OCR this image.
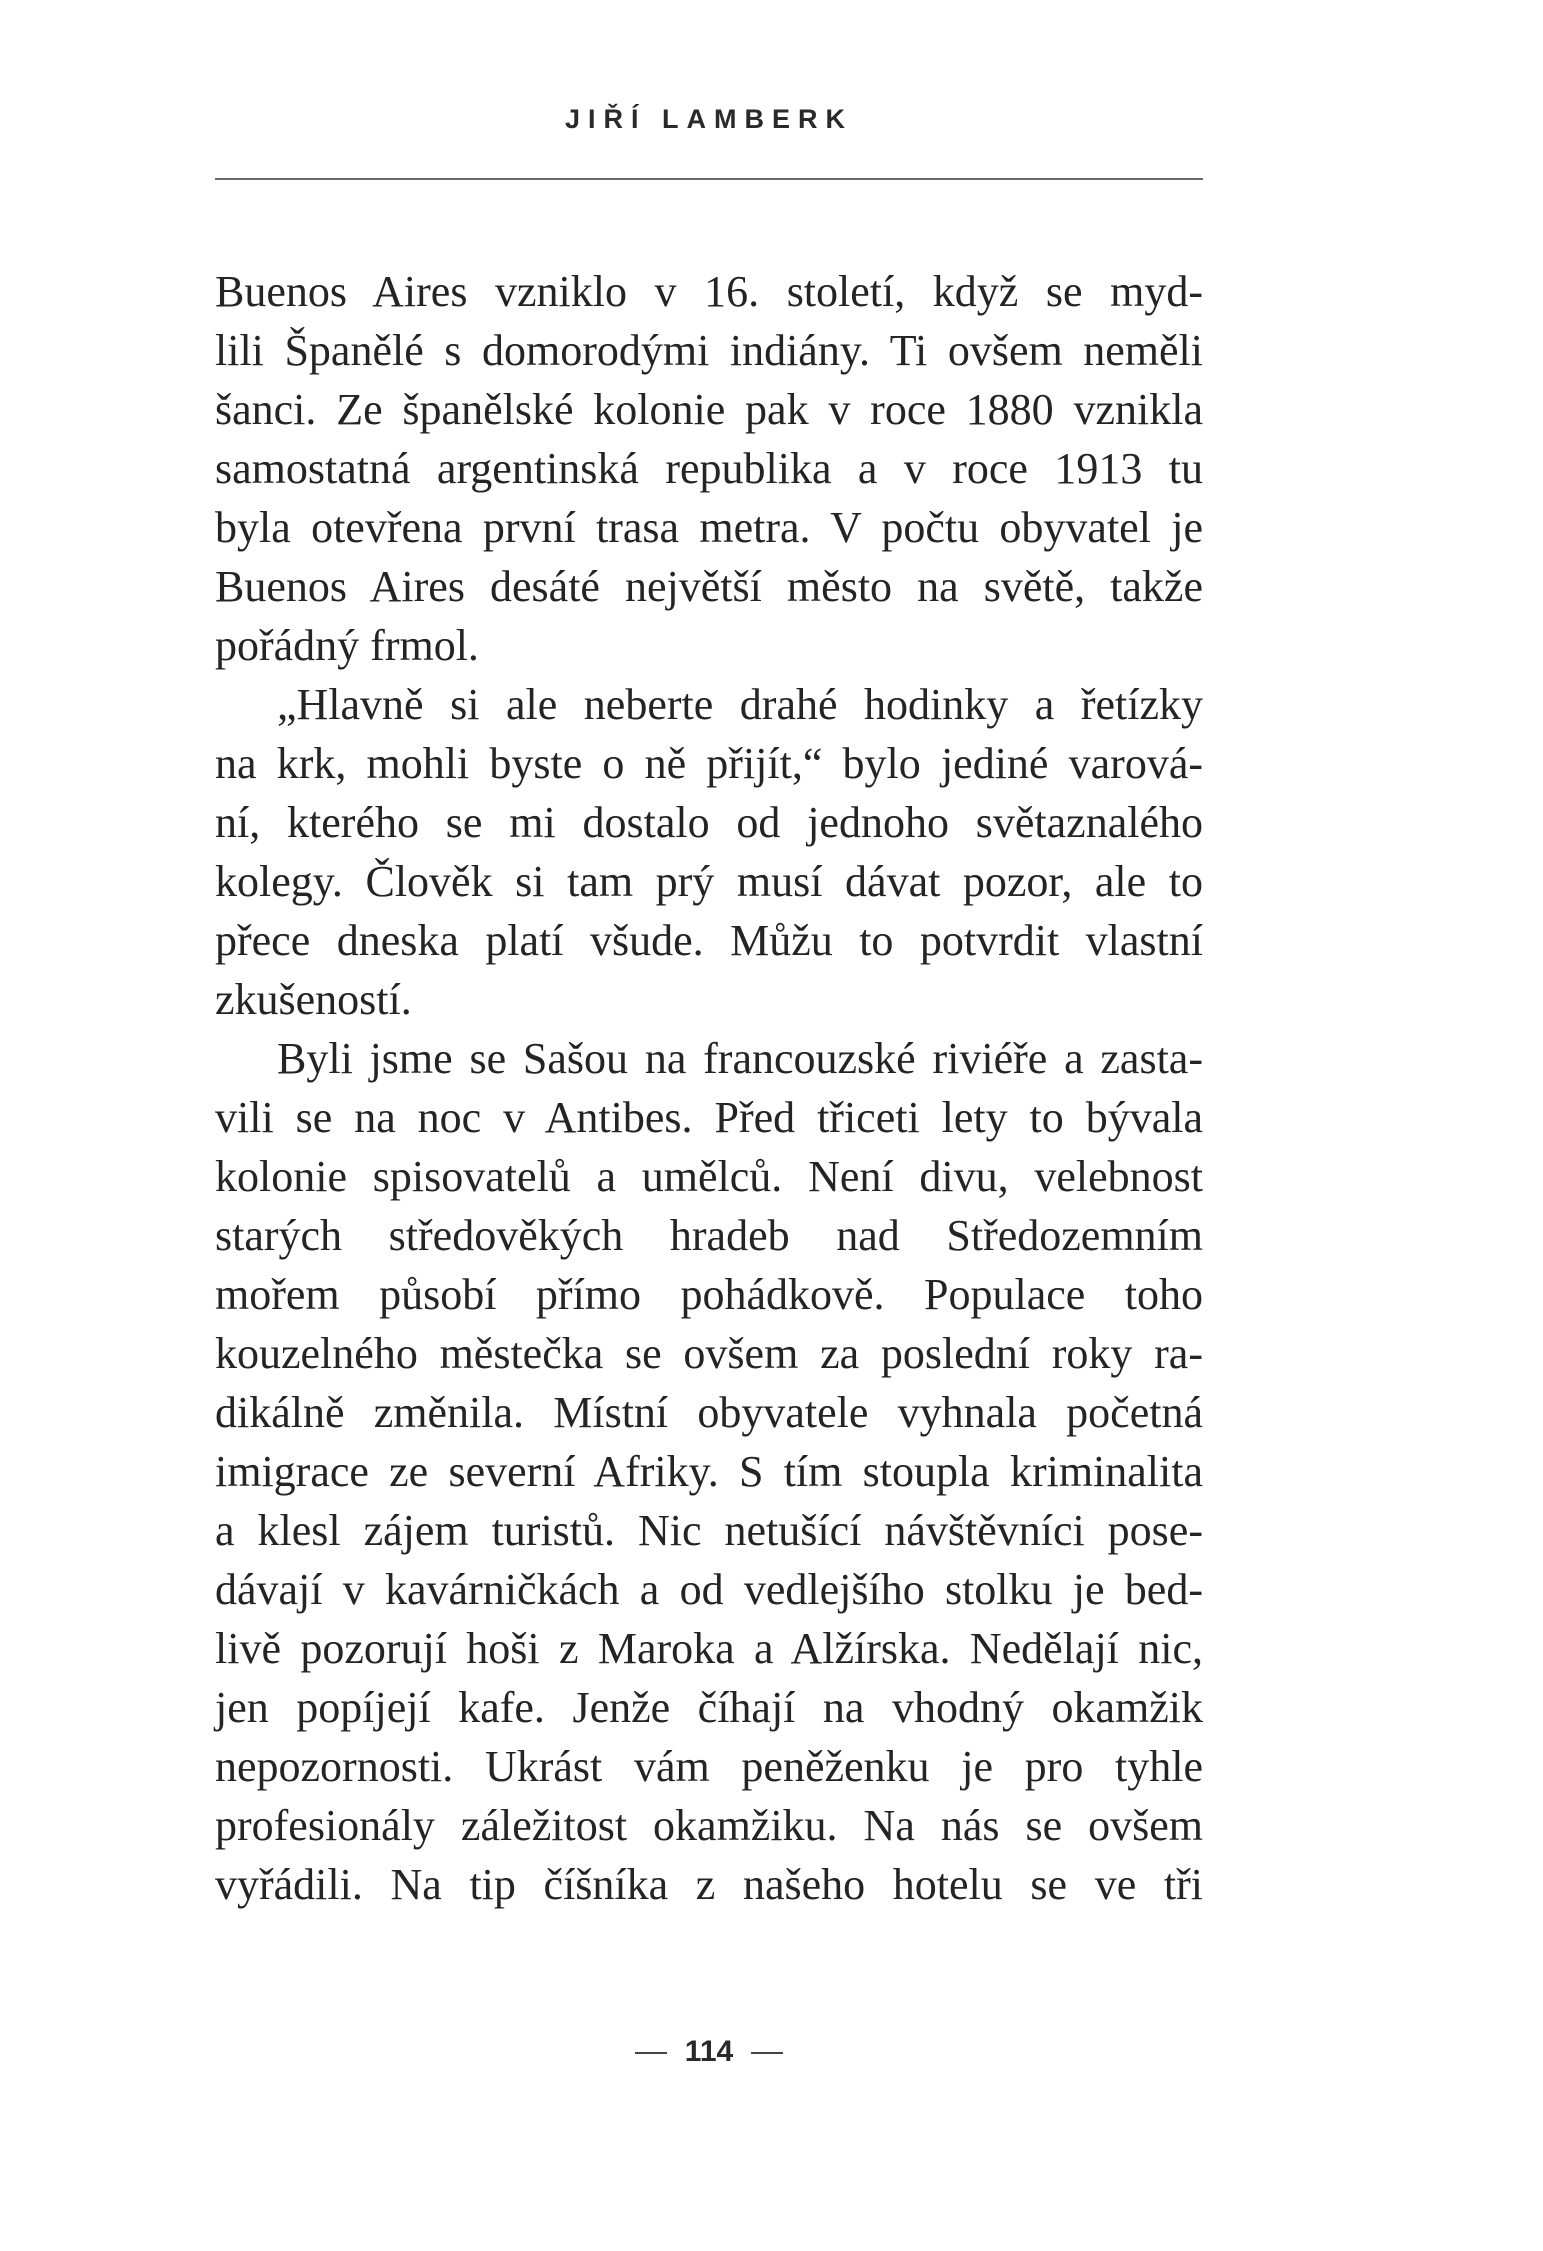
JIŘÍ LAMBERK
Buenos Aires vzniklo v 16. století, když se myd-
lili Španělé s domorodými indiány. Ti ovšem neměli
šanci. Ze španělské kolonie pak v roce 1880 vznikla
samostatná argentinská republika a v roce 1913 tu
byla otevřena první trasa metra. V počtu obyvatel je
Buenos Aires desáté největší město na světě, takže
pořádný frmol.
„Hlavně si ale neberte drahé hodinky a řetízky
na krk, mohli byste o ně přijít,“ bylo jediné varová-
ní, kterého se mi dostalo od jednoho světaznalého
kolegy. Člověk si tam prý musí dávat pozor, ale to
přece dneska platí všude. Můžu to potvrdit vlastní
zkušeností.
Byli jsme se Sašou na francouzské riviéře a zasta-
vili se na noc v Antibes. Před třiceti lety to bývala
kolonie spisovatelů a umělců. Není divu, velebnost
starých středověkých hradeb nad Středozemním
mořem působí přímo pohádkově. Populace toho
kouzelného městečka se ovšem za poslední roky ra-
dikálně změnila. Místní obyvatele vyhnala početná
imigrace ze severní Afriky. S tím stoupla kriminalita
a klesl zájem turistů. Nic netušící návštěvníci pose-
dávají v kavárničkách a od vedlejšího stolku je bed-
livě pozorují hoši z Maroka a Alžírska. Nedělají nic,
jen popíjejí kafe. Jenže číhají na vhodný okamžik
nepozornosti. Ukrást vám peněženku je pro tyhle
profesionály záležitost okamžiku. Na nás se ovšem
vyřádili. Na tip číšníka z našeho hotelu se ve tři
114
